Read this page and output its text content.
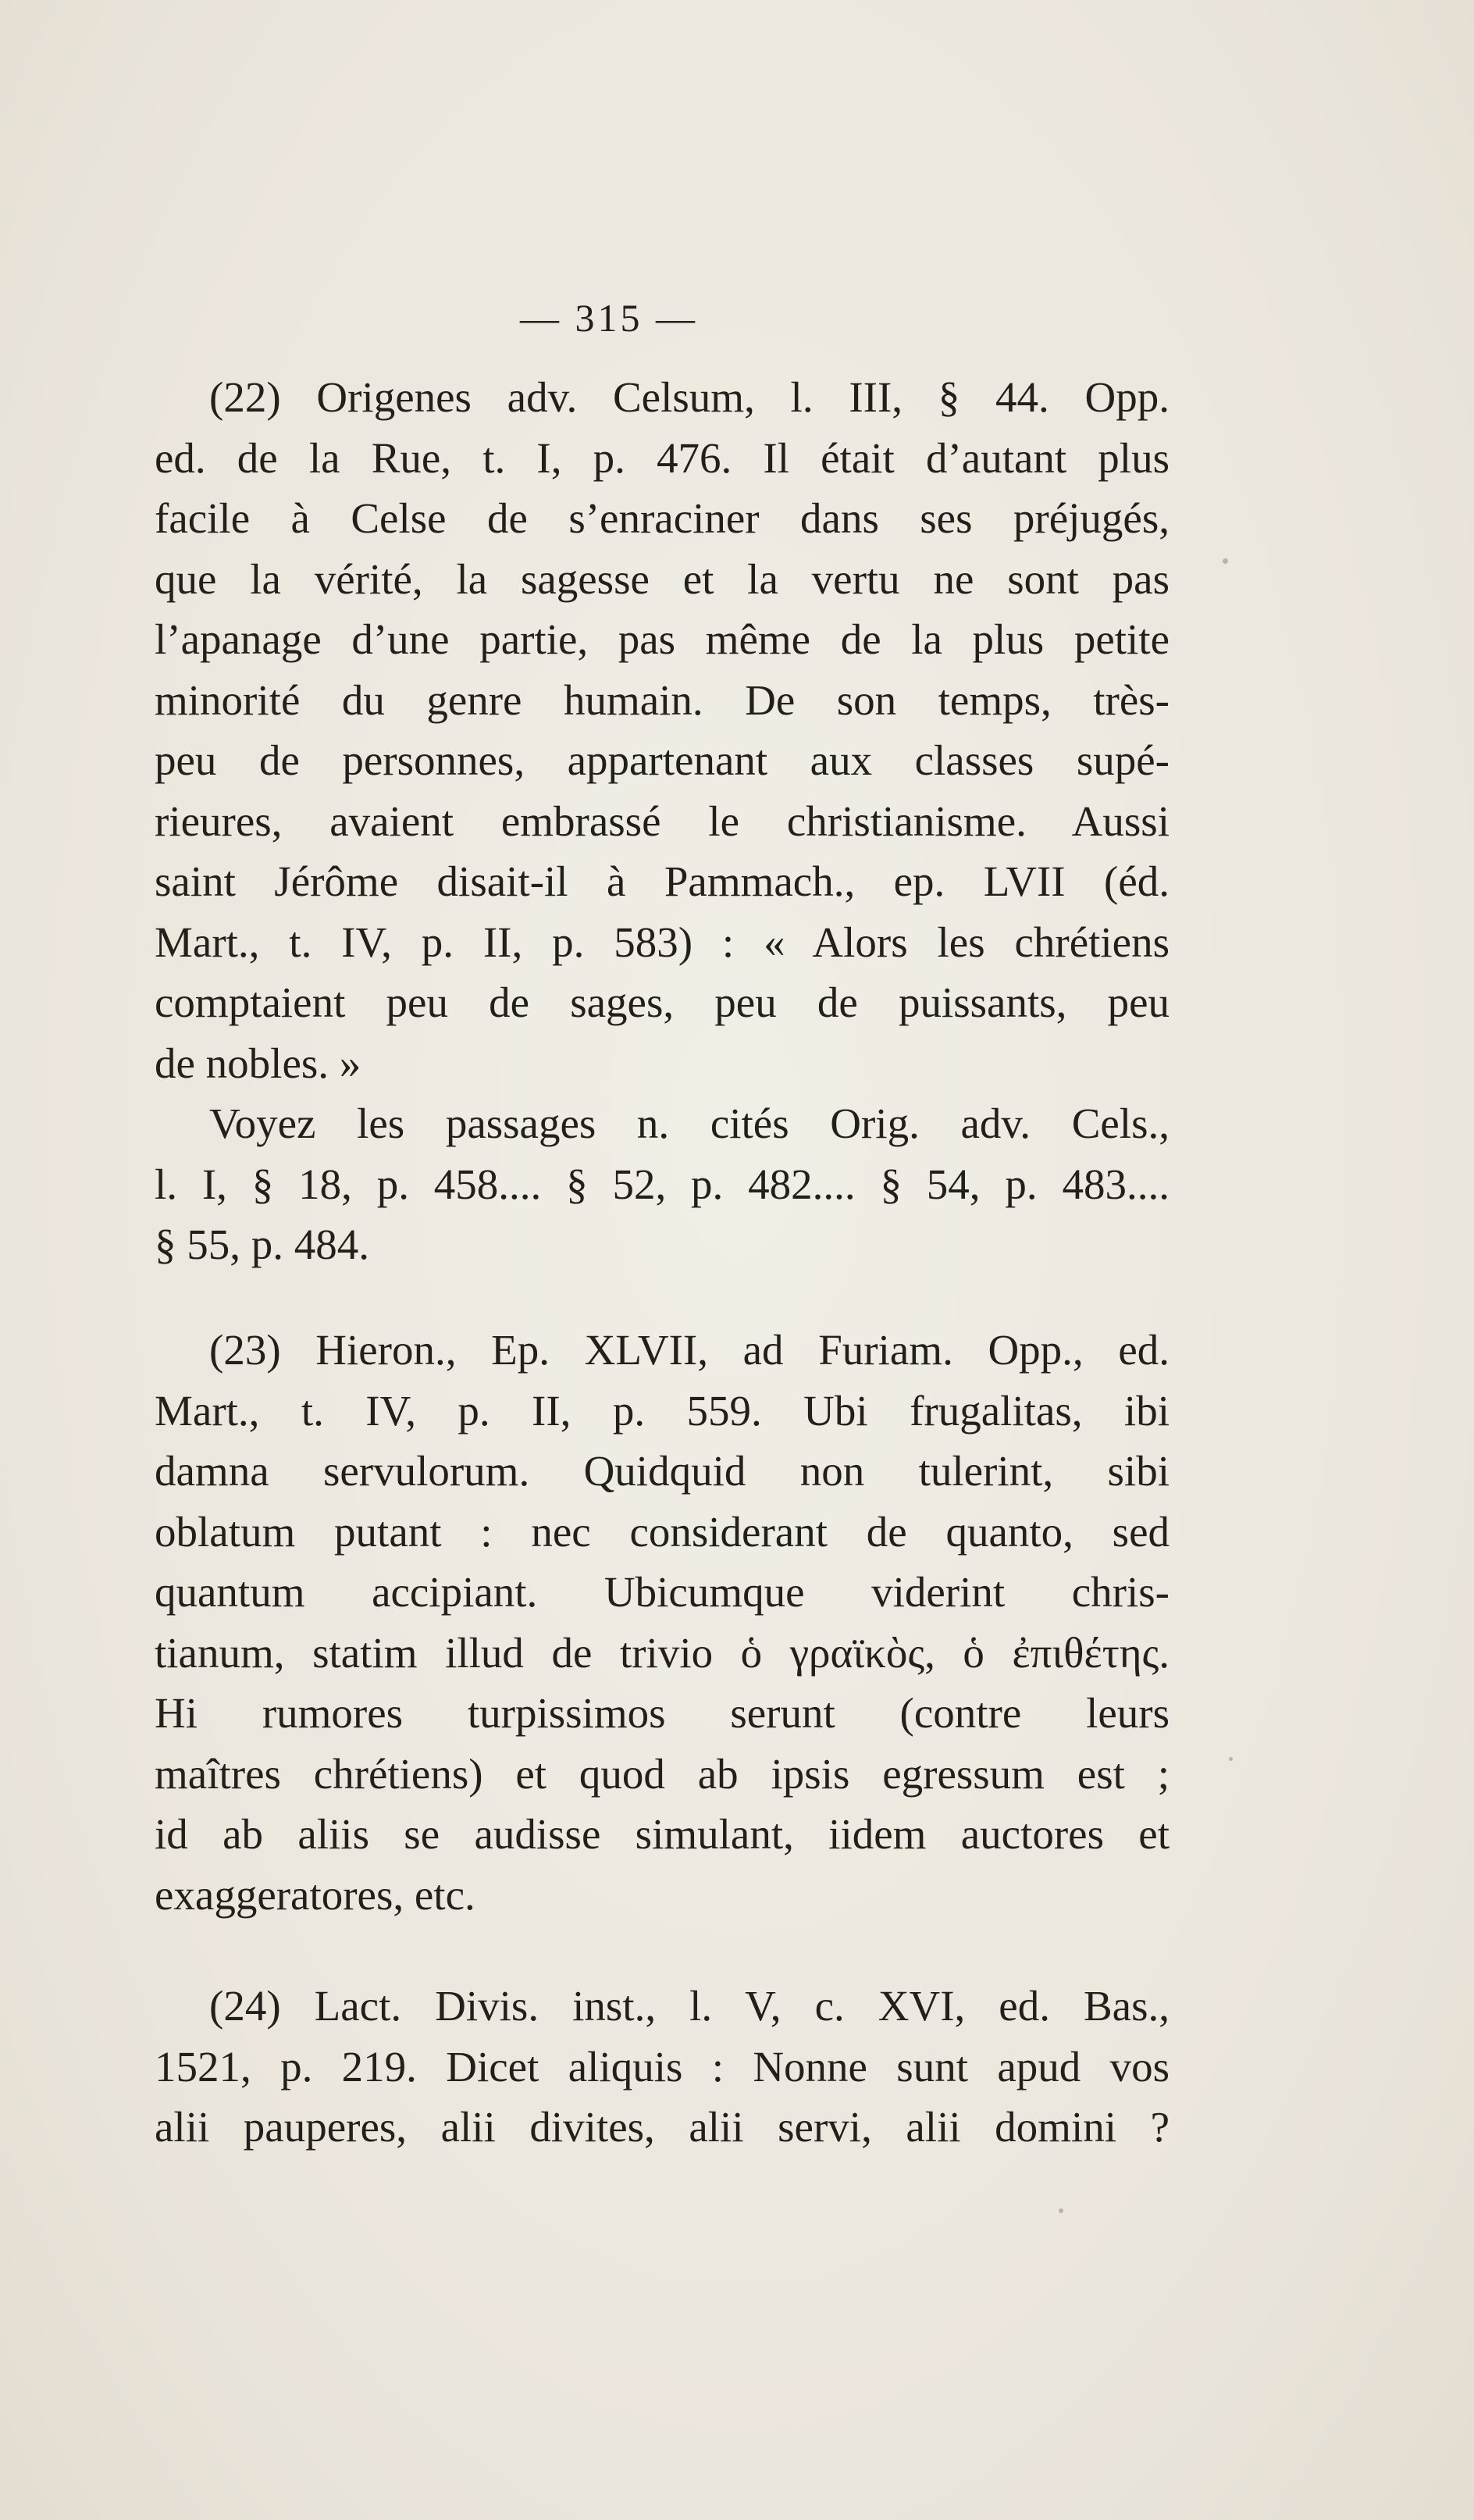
— 315 —
(22) Origenes adv. Celsum, l. III, § 44. Opp.
ed. de la Rue, t. I, p. 476. Il était d’autant plus
facile à Celse de s’enraciner dans ses préjugés,
que la vérité, la sagesse et la vertu ne sont pas
l’apanage d’une partie, pas même de la plus petite
minorité du genre humain. De son temps, très-
peu de personnes, appartenant aux classes supé-
rieures, avaient embrassé le christianisme. Aussi
saint Jérôme disait-il à Pammach., ep. LVII (éd.
Mart., t. IV, p. II, p. 583) : « Alors les chrétiens
comptaient peu de sages, peu de puissants, peu
de nobles. »
Voyez les passages n. cités Orig. adv. Cels.,
l. I, § 18, p. 458.... § 52, p. 482.... § 54, p. 483....
§ 55, p. 484.
(23) Hieron., Ep. XLVII, ad Furiam. Opp., ed.
Mart., t. IV, p. II, p. 559. Ubi frugalitas, ibi
damna servulorum. Quidquid non tulerint, sibi
oblatum putant : nec considerant de quanto, sed
quantum accipiant. Ubicumque viderint chris-
tianum, statim illud de trivio ὁ γραϊκὸς, ὁ ἐπιθέτης.
Hi rumores turpissimos serunt (contre leurs
maîtres chrétiens) et quod ab ipsis egressum est ;
id ab aliis se audisse simulant, iidem auctores et
exaggeratores, etc.
(24) Lact. Divis. inst., l. V, c. XVI, ed. Bas.,
1521, p. 219. Dicet aliquis : Nonne sunt apud vos
alii pauperes, alii divites, alii servi, alii domini ?
